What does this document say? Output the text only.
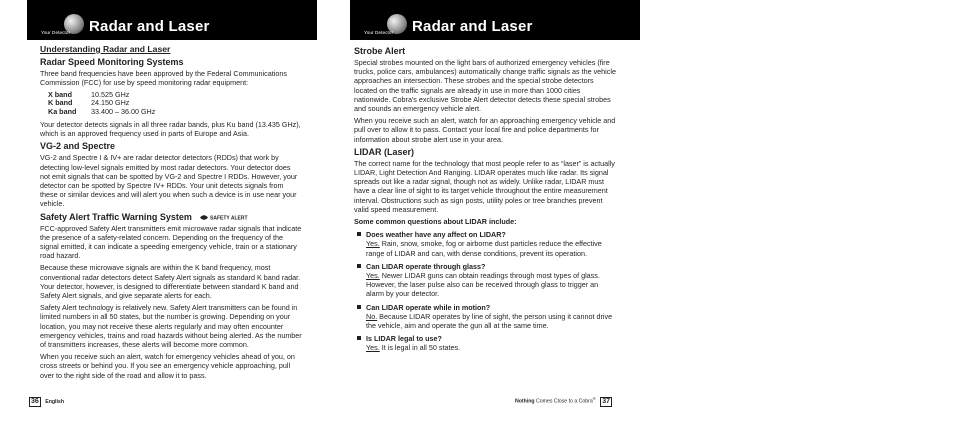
Your Detector Radar and Laser
Understanding Radar and Laser
Radar Speed Monitoring Systems
Three band frequencies have been approved by the Federal Communications Commission (FCC) for use by speed monitoring radar equipment:
X band	10.525 GHz
K band	24.150 GHz
Ka band	33.400 – 36.00 GHz
Your detector detects signals in all three radar bands, plus Ku band (13.435 GHz), which is an approved frequency used in parts of Europe and Asia.
VG-2 and Spectre
VG-2 and Spectre I & IV+ are radar detector detectors (RDDs) that work by detecting low-level signals emitted by most radar detectors. Your detector does not emit signals that can be spotted by VG-2 and Spectre I RDDs. However, your detector can be spotted by Spectre IV+ RDDs. Your unit detects signals from these or similar devices and will alert you when such a device is in use near your vehicle.
Safety Alert Traffic Warning System	SAFETY ALERT
FCC-approved Safety Alert transmitters emit microwave radar signals that indicate the presence of a safety-related concern. Depending on the frequency of the signal emitted, it can indicate a speeding emergency vehicle, train or a stationary road hazard.
Because these microwave signals are within the K band frequency, most conventional radar detectors detect Safety Alert signals as standard K band radar. Your detector, however, is designed to differentiate between standard K band and Safety Alert signals, and give separate alerts for each.
Safety Alert technology is relatively new. Safety Alert transmitters can be found in limited numbers in all 50 states, but the number is growing. Depending on your location, you may not receive these alerts regularly and may often encounter emergency vehicles, trains and road hazards without being alerted. As the number of transmitters increases, these alerts will become more common.
When you receive such an alert, watch for emergency vehicles ahead of you, on cross streets or behind you. If you see an emergency vehicle approaching, pull over to the right side of the road and allow it to pass.
36 English
Your Detector Radar and Laser
Strobe Alert
Special strobes mounted on the light bars of authorized emergency vehicles (fire trucks, police cars, ambulances) automatically change traffic signals as the vehicle approaches an intersection. These strobes and the special strobe detectors located on the traffic signals are already in use in more than 1000 cities nationwide. Cobra's exclusive Strobe Alert detector detects these special strobes and sounds an emergency vehicle alert.
When you receive such an alert, watch for an approaching emergency vehicle and pull over to allow it to pass. Contact your local fire and police departments for information about strobe alert use in your area.
LIDAR (Laser)
The correct name for the technology that most people refer to as “laser” is actually LIDAR, Light Detection And Ranging. LIDAR operates much like radar. Its signal spreads out like a radar signal, though not as widely. Unlike radar, LIDAR must have a clear line of sight to its target vehicle throughout the entire measurement interval. Obstructions such as sign posts, utility poles or tree branches prevent valid speed measurement.
Some common questions about LIDAR include:
Does weather have any affect on LIDAR?
Yes. Rain, snow, smoke, fog or airborne dust particles reduce the effective range of LIDAR and can, with dense conditions, prevent its operation.
Can LIDAR operate through glass?
Yes. Newer LIDAR guns can obtain readings through most types of glass. However, the laser pulse also can be received through glass to trigger an alarm by your detector.
Can LIDAR operate while in motion?
No. Because LIDAR operates by line of sight, the person using it cannot drive the vehicle, aim and operate the gun all at the same time.
Is LIDAR legal to use?
Yes. It is legal in all 50 states.
Nothing Comes Close to a Cobra® 37
